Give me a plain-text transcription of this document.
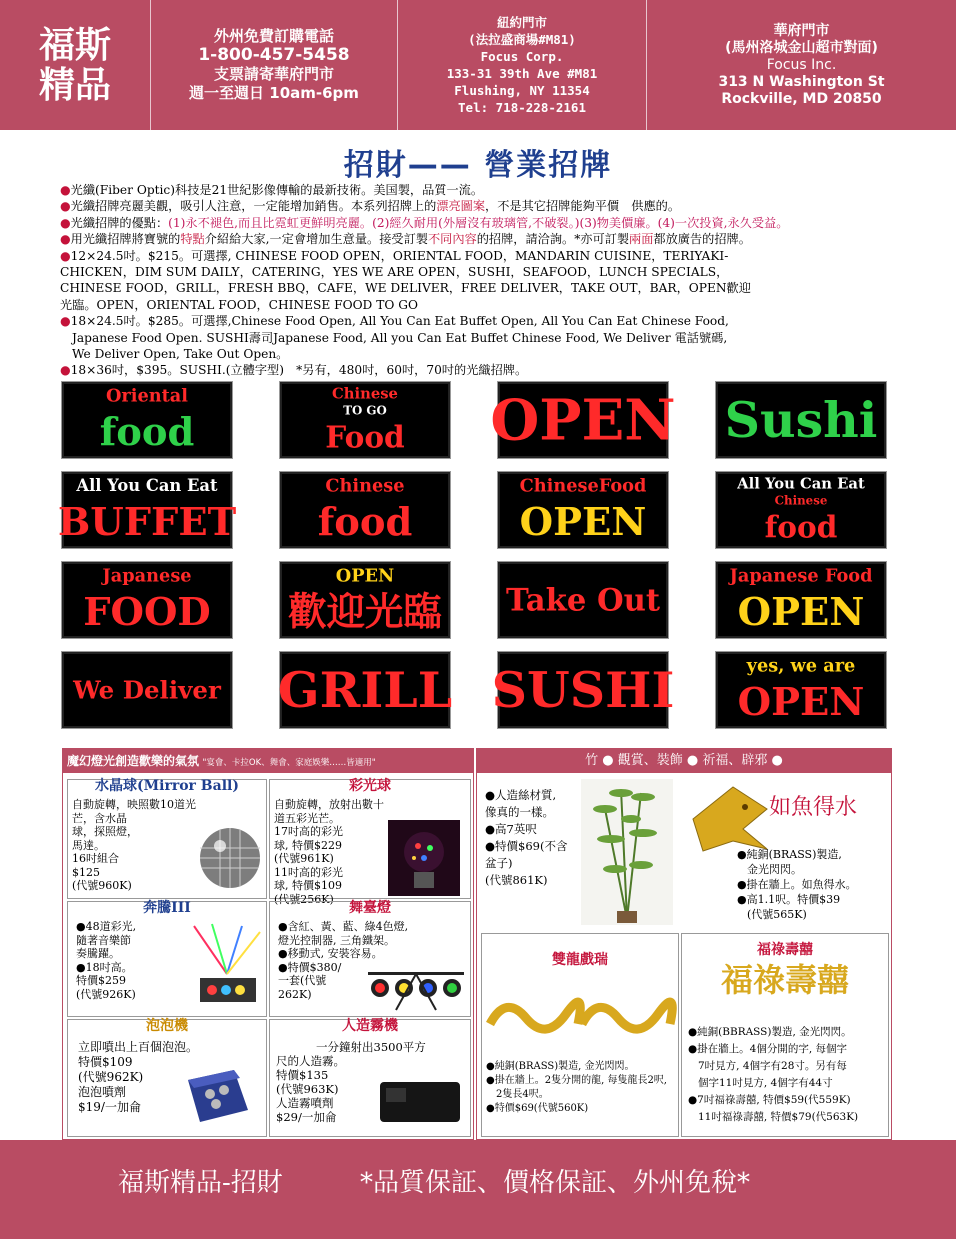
福斯
精品
外州免費訂購電話
1-800-457-5458
支票請寄華府門市
週一至週日 10am-6pm
紐約門市
(法拉盛商場#M81)
Focus Corp.
133-31 39th Ave #M81
Flushing, NY 11354
Tel: 718-228-2161
華府門市
(馬州洛城金山超市對面)
Focus Inc.
313 N Washington St
Rockville, MD 20850
招財—— 營業招牌

●光纖(Fiber Optic)科技是21世紀影像傳輸的最新技術。美国製，品質一流。

●光纖招牌亮麗美觀，吸引人注意，一定能增加銷售。本系列招牌上的漂亮圖案，不是其它招牌能夠平價　供應的。

●光纖招牌的優點：(1)永不褪色,而且比霓虹更鮮明亮麗。(2)經久耐用(外層沒有玻璃管,不破裂。)(3)物美價廉。(4)一次投資,永久受益。

●用光纖招牌將寶號的特點介紹給大家,一定會增加生意量。接受訂製不同內容的招牌，請洽詢。*亦可訂製兩面都放廣告的招牌。

●12×24.5吋。$215。可選擇, CHINESE FOOD OPEN，ORIENTAL FOOD，MANDARIN CUISINE，TERIYAKI-

CHICKEN，DIM SUM DAILY，CATERING，YES WE ARE OPEN，SUSHI，SEAFOOD，LUNCH SPECIALS，

CHINESE FOOD，GRILL，FRESH BBQ，CAFE，WE DELIVER，FREE DELIVER，TAKE OUT，BAR，OPEN歡迎

光臨。OPEN，ORIENTAL FOOD，CHINESE FOOD TO GO

●18×24.5吋。$285。可選擇,Chinese Food Open, All You Can Eat Buffet Open, All You Can Eat Chinese Food,

Japanese Food Open. SUSHI壽司Japanese Food, All you Can Eat Buffet Chinese Food, We Deliver 電話號碼,

We Deliver Open, Take Out Open。

●18×36吋，$395。SUSHI.(立體字型)　*另有，480吋，60吋，70吋的光織招牌。

Oriental
food
Chinese
TO GO
Food OPEN Sushi
All You Can Eat
BUFFET
Chinese
food
ChineseFood
OPEN
All You Can Eat
Chinese
food
Japanese
FOOD
OPEN
歡迎光臨 Take Out
Japanese Food
OPEN
We Deliver GRILL SUSHI	yes, we are
OPEN
魔幻燈光創造歡樂的氣氛 "宴會、卡拉OK、舞會、家庭娛樂……皆適用"
水晶球(Mirror Ball)
自動旋轉，映照數10道光
芒，含水晶
球，探照燈，
馬達。
16吋組合
$125
(代號960K)
彩光球
自動旋轉，放射出數十
道五彩光芒。
17吋高的彩光
球, 特價$229
(代號961K)
11吋高的彩光
球, 特價$109
(代號256K)
奔騰III
●48道彩光,
隨著音樂節
奏騰躍。
●18吋高。
特價$259
(代號926K)
舞臺燈
●含紅、黃、藍、綠4色燈,
燈光控制器, 三角鐵架。
●移動式, 安裝容易。
●特價$380/
一套(代號
262K)
泡泡機
立即噴出上百個泡泡。
特價$109
(代號962K)
泡泡噴劑
$19/一加侖
人造霧機
一分鐘射出3500平方
尺的人造霧。
特價$135
(代號963K)
人造霧噴劑
$29/一加侖
竹 ● 觀賞、裝飾 ● 祈福、辟邪 ●
●人造絲材質,
像真的一樣。
●高7英呎
●特價$69(不含
盆子)
(代號861K)
如魚得水
●純銅(BRASS)製造,
金光閃閃。
●掛在牆上。如魚得水。
●高1.1呎。特價$39
(代號565K)
雙龍戲瑞
●純銅(BRASS)製造, 金光閃閃。
●掛在牆上。2隻分開的龍, 每隻龍長2呎,
2隻長4呎。
●特價$69(代號560K)
福祿壽囍
福祿壽囍
●純銅(BBRASS)製造, 金光閃閃。
●掛在牆上。4個分開的字, 每個字
7吋見方, 4個字有28寸。另有每
個字11吋見方, 4個字有44寸
●7吋福祿壽囍, 特價$59(代559K)
11吋福祿壽囍, 特價$79(代563K)
福斯精品-招財	*品質保証、價格保証、外州免稅*
